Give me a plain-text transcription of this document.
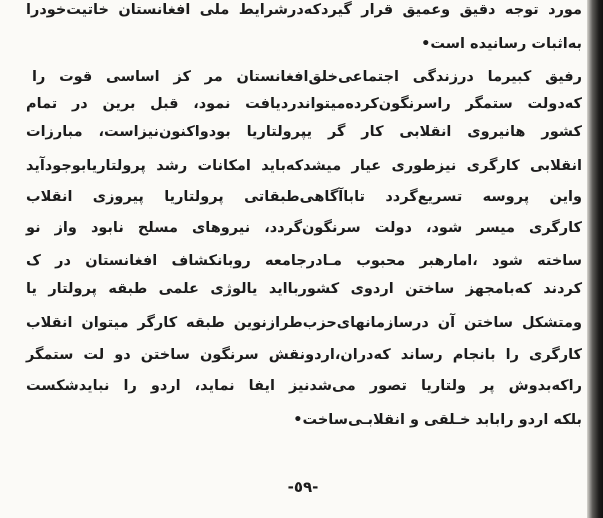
مورد توجه دقیق وعمیق قرار گیردکه‌درشرایط ملی افغانستان خاتیت‌خودرا
به‌اثبات رسانیده است•
رفیق کبیرما درزندگی اجتماعی‌خلق‌افغانستان مر کز اساسی قوت را
که‌دولت ستمگر راسرنگون‌کرده‌میتواندردیافت نمود، قبل برین در تمام
کشور هانیروی انقلابی کار گر یپرولتاریا بودواکنون‌نیزاست، مبارزات
انقلابی کارگری نیزطوری عیار میشدکه‌باید امکانات رشد پرولتاریابوجودآید
واین پروسه تسریع‌گردد تاباآگاهی‌طبقاتی پرولتاریا پیروزی انقلاب
کارگری میسر شود، دولت سرنگون‌گردد، نیروهای مسلح نابود واز نو
ساخته شود ،امارهبر محبوب مـادرجامعه روبانکشاف افغانستان در ک
کردند که‌بامجهز ساختن اردوی کشوربااید یالوژی علمی طبقه پرولتار یا
ومتشکل ساختن آن درسازمانهای‌حزب‌طرازنوین طبقه کارگر میتوان انقلاب
کارگری را بانجام رساند که‌دران،اردونقش سرنگون ساختن دو لت ستمگر
راکه‌بدوش پر ولتاریا تصور می‌شدنیز ایفا نماید، اردو را نبایدشکست
بلکه اردو رابابد خـلقی و انقلابـی‌ساخت•
-٥٩-
